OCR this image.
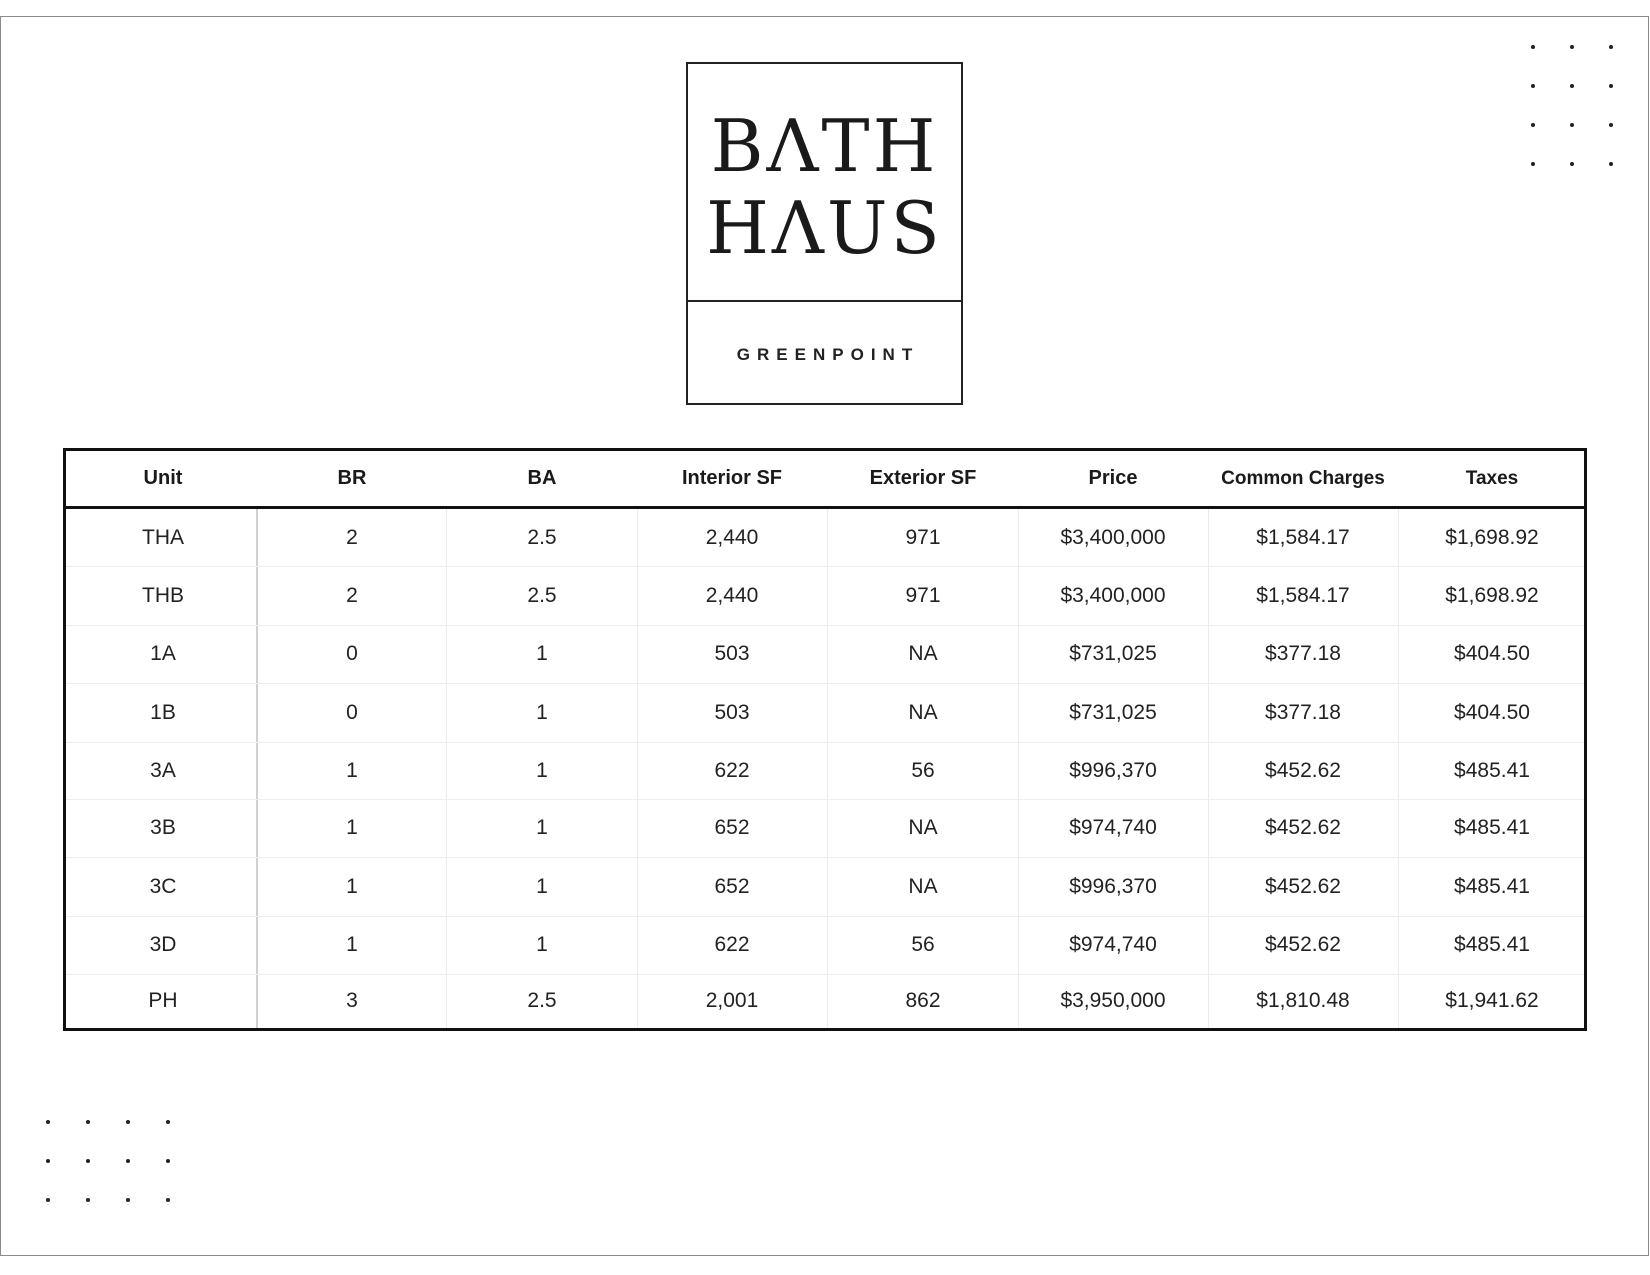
BΛTH
HΛUS
GREENPOINT
Unit	BR	BA	Interior SF	Exterior SF	Price	Common Charges	Taxes
THA	2	2.5	2,440	971	$3,400,000	$1,584.17	$1,698.92
THB	2	2.5	2,440	971	$3,400,000	$1,584.17	$1,698.92
1A	0	1	503	NA	$731,025	$377.18	$404.50
1B	0	1	503	NA	$731,025	$377.18	$404.50
3A	1	1	622	56	$996,370	$452.62	$485.41
3B	1	1	652	NA	$974,740	$452.62	$485.41
3C	1	1	652	NA	$996,370	$452.62	$485.41
3D	1	1	622	56	$974,740	$452.62	$485.41
PH	3	2.5	2,001	862	$3,950,000	$1,810.48	$1,941.62
